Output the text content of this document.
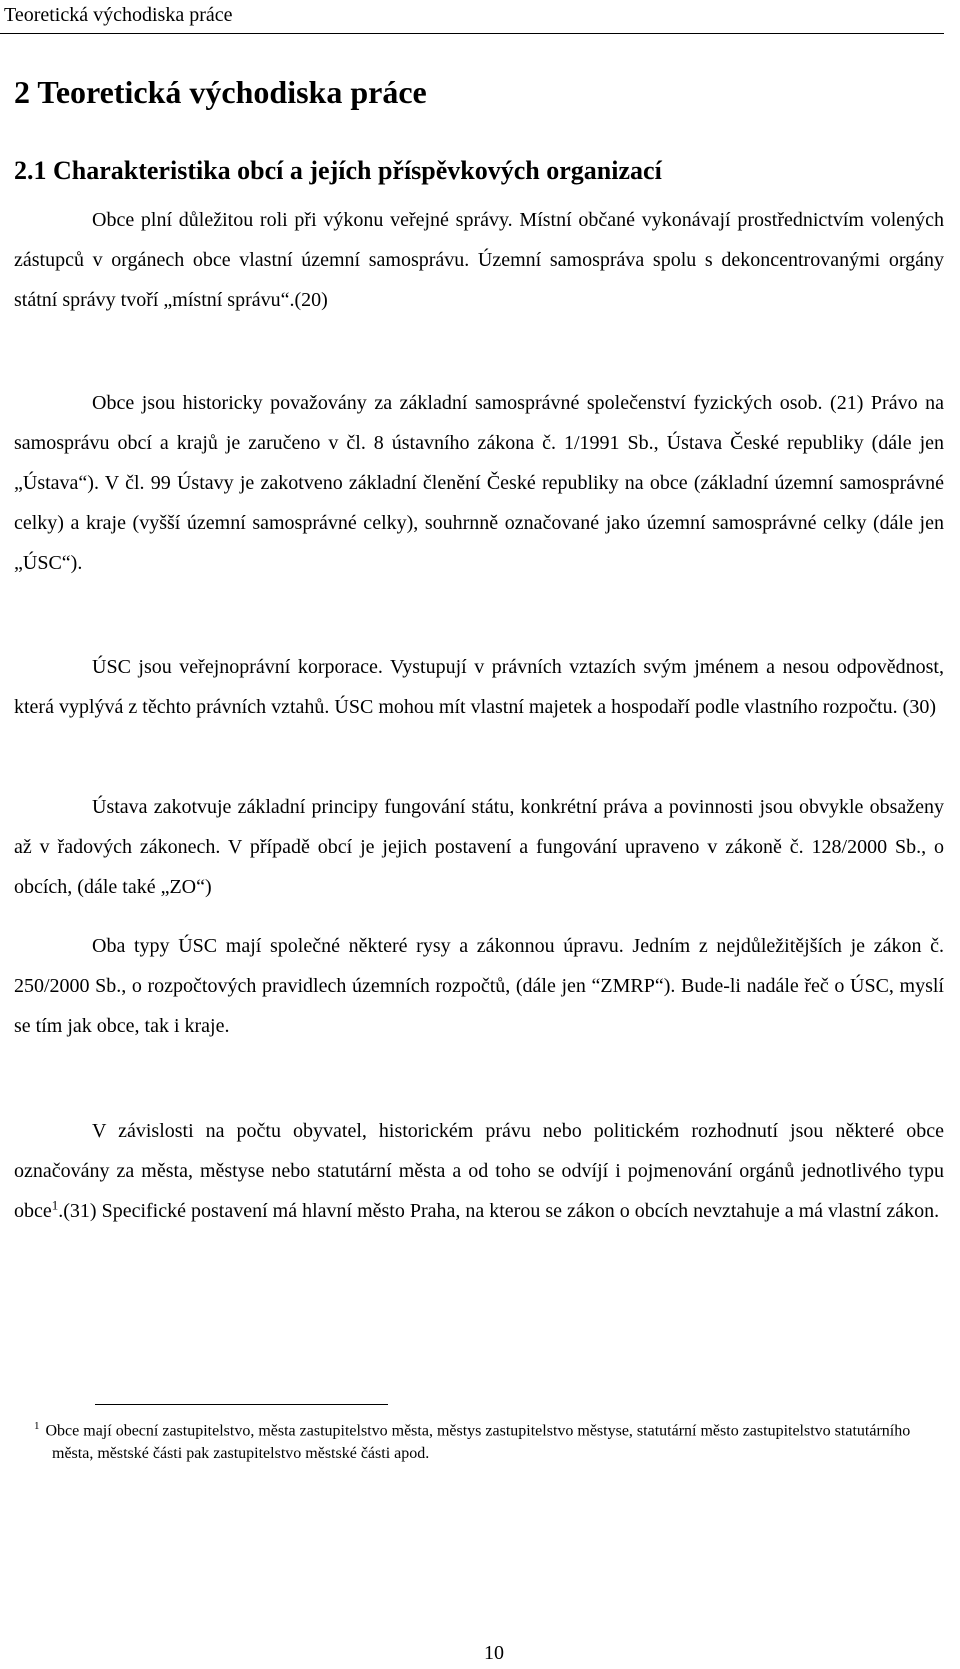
Teoretická východiska práce
2 Teoretická východiska práce
2.1 Charakteristika obcí a jejích příspěvkových organizací

Obce plní důležitou roli při výkonu veřejné správy. Místní občané vykonávají prostřednictvím volených zástupců v orgánech obce vlastní územní samosprávu. Územní samospráva spolu s dekoncentrovanými orgány státní správy tvoří „místní správu“.(20)

Obce jsou historicky považovány za základní samosprávné společenství fyzických osob. (21) Právo na samosprávu obcí a krajů je zaručeno v čl. 8 ústavního zákona č. 1/1991 Sb., Ústava České republiky (dále jen „Ústava“). V čl. 99 Ústavy je zakotveno základní členění České republiky na obce (základní územní samosprávné celky) a kraje (vyšší územní samosprávné celky), souhrnně označované jako územní samosprávné celky (dále jen „ÚSC“).

ÚSC jsou veřejnoprávní korporace. Vystupují v právních vztazích svým jménem a nesou odpovědnost, která vyplývá z těchto právních vztahů. ÚSC mohou mít vlastní majetek a hospodaří podle vlastního rozpočtu. (30)

Ústava zakotvuje základní principy fungování státu, konkrétní práva a povinnosti jsou obvykle obsaženy až v řadových zákonech. V případě obcí je jejich postavení a fungování upraveno v zákoně č. 128/2000 Sb., o obcích, (dále také „ZO“)

Oba typy ÚSC mají společné některé rysy a zákonnou úpravu. Jedním z nejdůležitějších je zákon č. 250/2000 Sb., o rozpočtových pravidlech územních rozpočtů, (dále jen “ZMRP“). Bude-li nadále řeč o ÚSC, myslí se tím jak obce, tak i kraje.

V závislosti na počtu obyvatel, historickém právu nebo politickém rozhodnutí jsou některé obce označovány za města, městyse nebo statutární města a od toho se odvíjí i pojmenování orgánů jednotlivého typu obce$^1$.(31) Specifické postavení má hlavní město Praha, na kterou se zákon o obcích nevztahuje a má vlastní zákon.

$^1$ Obce mají obecní zastupitelstvo, města zastupitelstvo města, městys zastupitelstvo městyse, statutární město zastupitelstvo statutárního města, městské části pak zastupitelstvo městské části apod.

10
